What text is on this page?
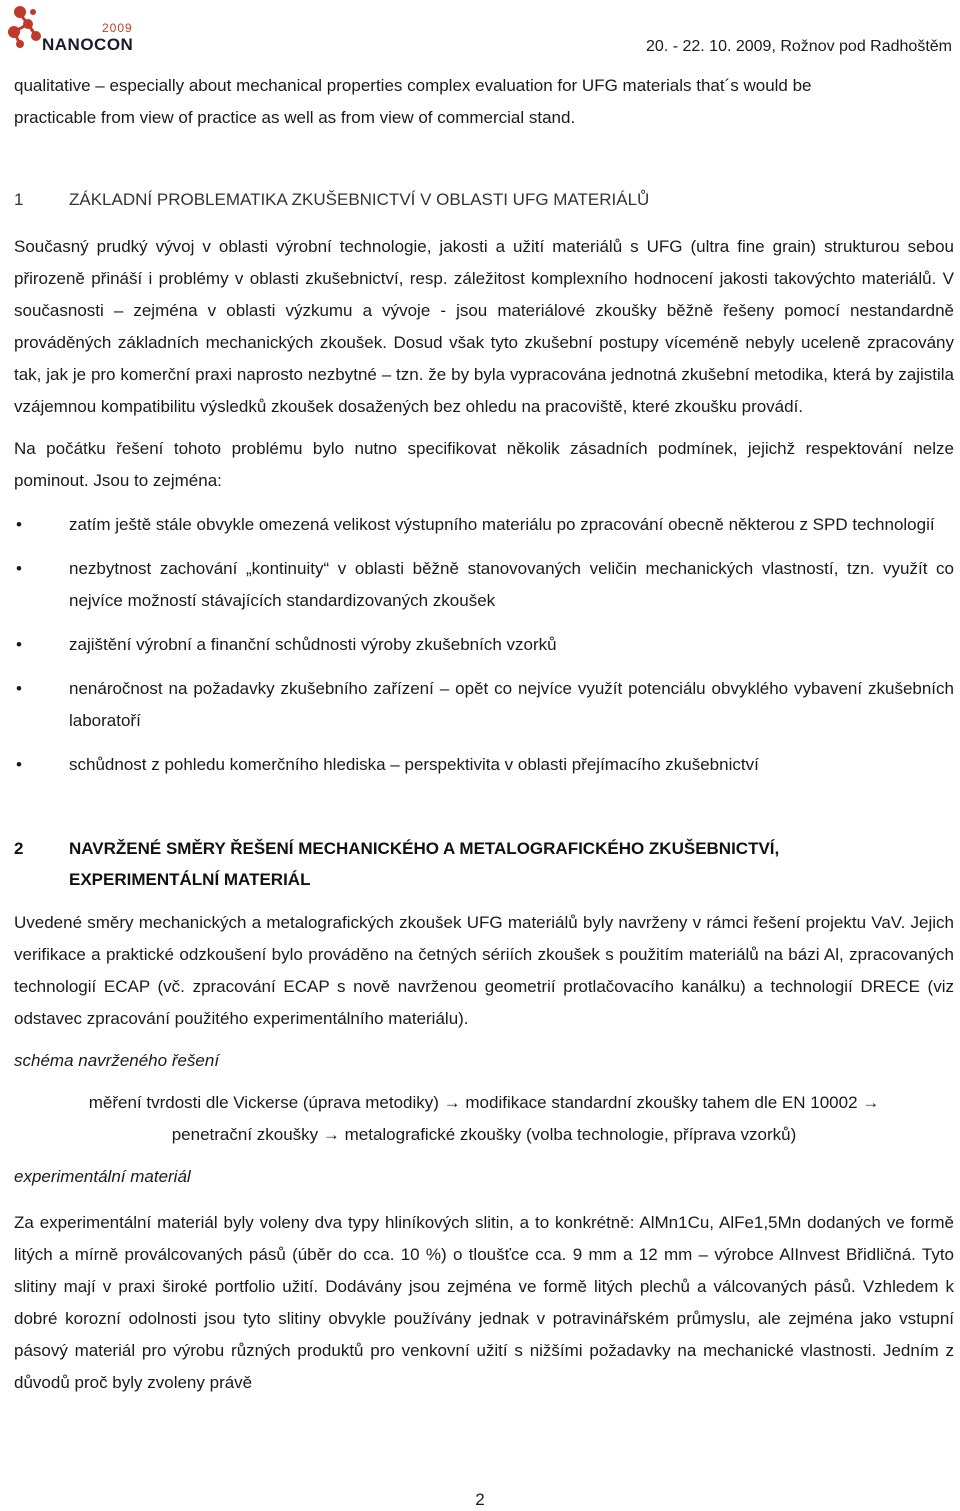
2009
NANOCON	20. - 22. 10. 2009, Rožnov pod Radhoštěm
qualitative – especially about mechanical properties complex evaluation for UFG materials that´s would be
practicable from view of practice as well as from view of commercial stand.
1	ZÁKLADNÍ PROBLEMATIKA ZKUŠEBNICTVÍ V OBLASTI UFG MATERIÁLŮ

Současný prudký vývoj v oblasti výrobní technologie, jakosti a užití materiálů s UFG (ultra fine grain) strukturou sebou přirozeně přináší i problémy v oblasti zkušebnictví, resp. záležitost komplexního hodnocení jakosti takovýchto materiálů. V současnosti – zejména v oblasti výzkumu a vývoje - jsou materiálové zkoušky běžně řešeny pomocí nestandardně prováděných základních mechanických zkoušek. Dosud však tyto zkušební postupy víceméně nebyly uceleně zpracovány tak, jak je pro komerční praxi naprosto nezbytné – tzn. že by byla vypracována jednotná zkušební metodika, která by zajistila vzájemnou kompatibilitu výsledků zkoušek dosažených bez ohledu na pracoviště, které zkoušku provádí.

Na počátku řešení tohoto problému bylo nutno specifikovat několik zásadních podmínek, jejichž respektování nelze pominout. Jsou to zejména:

•	zatím ještě stále obvykle omezená velikost výstupního materiálu po zpracování obecně některou z SPD technologií
•	nezbytnost zachování „kontinuity“ v oblasti běžně stanovovaných veličin mechanických vlastností, tzn. využít co nejvíce možností stávajících standardizovaných zkoušek
•	zajištění výrobní a finanční schůdnosti výroby zkušebních vzorků
•	nenáročnost na požadavky zkušebního zařízení – opět co nejvíce využít potenciálu obvyklého vybavení zkušebních laboratoří
•	schůdnost z pohledu komerčního hlediska – perspektivita v oblasti přejímacího zkušebnictví
2	NAVRŽENÉ SMĚRY ŘEŠENÍ MECHANICKÉHO A METALOGRAFICKÉHO ZKUŠEBNICTVÍ,
EXPERIMENTÁLNÍ MATERIÁL

Uvedené směry mechanických a metalografických zkoušek UFG materiálů byly navrženy v rámci řešení projektu VaV. Jejich verifikace a praktické odzkoušení bylo prováděno na četných sériích zkoušek s použitím materiálů na bázi Al, zpracovaných technologií ECAP (vč. zpracování ECAP s nově navrženou geometrií protlačovacího kanálku) a technologií DRECE (viz odstavec zpracování použitého experimentálního materiálu).

schéma navrženého řešení

měření tvrdosti dle Vickerse (úprava metodiky) → modifikace standardní zkoušky tahem dle EN 10002 →
penetrační zkoušky → metalografické zkoušky (volba technologie, příprava vzorků)

experimentální materiál

Za experimentální materiál byly voleny dva typy hliníkových slitin, a to konkrétně: AlMn1Cu, AlFe1,5Mn dodaných ve formě litých a mírně proválcovaných pásů (úběr do cca. 10 %) o tloušťce cca. 9 mm a 12 mm – výrobce AlInvest Břidličná. Tyto slitiny mají v praxi široké portfolio užití. Dodávány jsou zejména ve formě litých plechů a válcovaných pásů. Vzhledem k dobré korozní odolnosti jsou tyto slitiny obvykle používány jednak v potravinářském průmyslu, ale zejména jako vstupní pásový materiál pro výrobu různých produktů pro venkovní užití s nižšími požadavky na mechanické vlastnosti. Jedním z důvodů proč byly zvoleny právě

2
